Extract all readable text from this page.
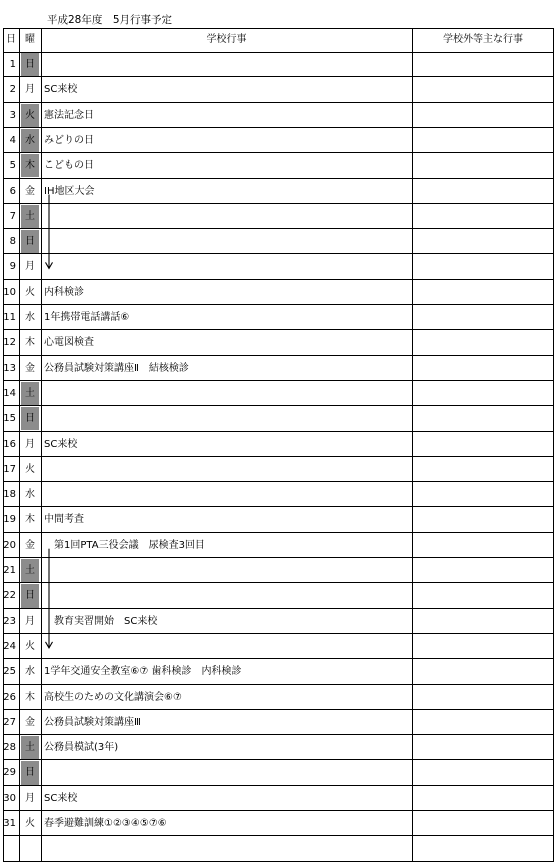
平成28年度　5月行事予定
日 曜	学校行事	学校外等主な行事
1 日
2 月 SC来校
3 火 憲法記念日
4 水 みどりの日
5 木 こどもの日
6 金 IH地区大会
7 土
8 日
9 月
10 火 内科検診
11 水 1年携帯電話講話⑥
12 木 心電図検査
13 金 公務員試験対策講座Ⅱ　結核検診
14 土
15 日
16 月 SC来校
17 火
18 水
19 木 中間考査
20 金 　第1回PTA三役会議　尿検査3回目
21 土
22 日
23 月 　教育実習開始　SC来校
24 火
25 水 1学年交通安全教室⑥⑦ 歯科検診　内科検診
26 木 高校生のための文化講演会⑥⑦
27 金 公務員試験対策講座Ⅲ
28 土 公務員模試(3年)
29 日
30 月 SC来校
31 火 春季避難訓練①②③④⑤⑦⑥
